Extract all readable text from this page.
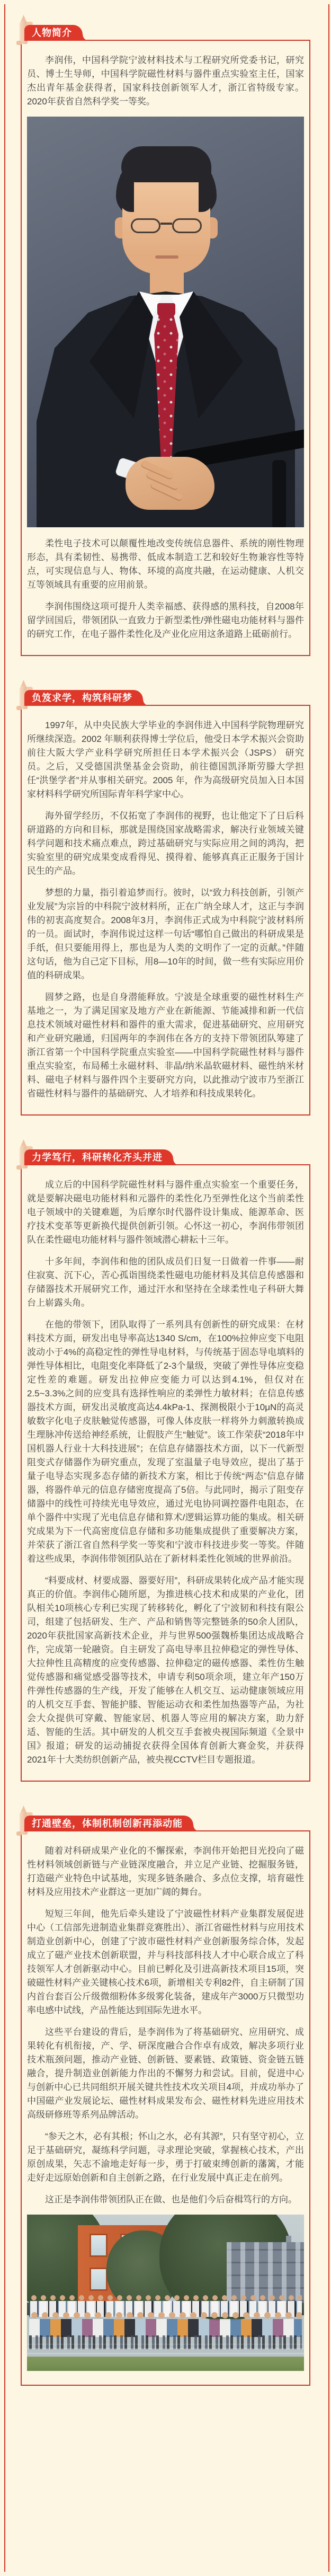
人物简介

李润伟，中国科学院宁波材料技术与工程研究所党委书记，研究员、博士生导师，中国科学院磁性材料与器件重点实验室主任，国家杰出青年基金获得者，国家科技创新领军人才，浙江省特级专家。2020年获省自然科学奖一等奖。

柔性电子技术可以颠覆性地改变传统信息器件、系统的刚性物理形态，具有柔韧性、易携带、低成本制造工艺和较好生物兼容性等特点，可实现信息与人、物体、环境的高度共融，在运动健康、人机交互等领域具有重要的应用前景。

李润伟围绕这项可提升人类幸福感、获得感的黑科技，自2008年留学回国后，带领团队一直致力于新型柔性/弹性磁电功能材料与器件的研究工作，在电子器件柔性化及产业化应用这条道路上砥砺前行。

负笈求学，构筑科研梦

1997年，从中央民族大学毕业的李润伟进入中国科学院物理研究所继续深造。2002 年顺利获得博士学位后，他受日本学术振兴会资助前往大阪大学产业科学研究所担任日本学术振兴会（JSPS） 研究员。之后，又受德国洪堡基金会资助，前往德国凯泽斯劳滕大学担任“洪堡学者”并从事相关研究。2005 年，作为高级研究员加入日本国家材料科学研究所国际青年科学家中心。

海外留学经历，不仅拓宽了李润伟的视野，也让他定下了日后科研道路的方向和目标，那就是围绕国家战略需求，解决行业领域关键科学问题和技术痛点难点，跨过基础研究与实际应用之间的鸿沟，把实验室里的研究成果变成看得见、摸得着、能够真真正正服务于国计民生的产品。

梦想的力量，指引着追梦而行。彼时，以“致力科技创新，引领产业发展”为宗旨的中科院宁波材料所，正在广纳全球人才，这正与李润伟的初衷高度契合。2008年3月，李润伟正式成为中科院宁波材料所的一员。面试时，李润伟说过这样一句话“哪怕自己做出的科研成果是手纸，但只要能用得上，那也是为人类的文明作了一定的贡献。”伴随这句话，他为自己定下目标，用8—10年的时间，做一些有实际应用价值的科研成果。

圆梦之路，也是自身潜能释放。宁波是全球重要的磁性材料生产基地之一，为了满足国家及地方产业在新能源、节能减排和新一代信息技术领域对磁性材料和器件的重大需求，促进基础研究、应用研究和产业研究融通，归国两年的李润伟在各方的支持下带领团队筹建了浙江省第一个中国科学院重点实验室——中国科学院磁性材料与器件重点实验室，布局稀土永磁材料、非晶/纳米晶软磁材料、磁性纳米材料、磁电子材料与器件四个主要研究方向，以此推动宁波市乃至浙江省磁性材料与器件的基础研究、人才培养和科技成果转化。

力学笃行，科研转化齐头并进

成立后的中国科学院磁性材料与器件重点实验室一个重要任务，就是要解决磁电功能材料和元器件的柔性化乃至弹性化这个当前柔性电子领域中的关键难题，为后摩尔时代器件设计集成、能源革命、医疗技术变革等更新换代提供创新引领。心怀这一初心，李润伟带领团队在柔性磁电功能材料与器件领域潜心耕耘十三年。

十多年间，李润伟和他的团队成员们日复一日做着一件事——耐住寂寞、沉下心，苦心孤诣围绕柔性磁电功能材料及其信息传感器和存储器技术开展研究工作，通过汗水和坚持在全球柔性电子科研大舞台上崭露头角。

在他的带领下，团队取得了一系列具有创新性的研究成果：在材料技术方面，研发出电导率高达1340 S/cm，在100%拉伸应变下电阻波动小于4%的高稳定性的弹性导电材料，与传统基于固态导电填料的弹性导体相比，电阻变化率降低了2-3个量级，突破了弹性导体应变稳定性差的难题。研发出拉伸应变能力可以达到4.1%，但仅对在2.5~3.3%之间的应变具有选择性响应的柔弹性力敏材料；在信息传感器技术方面，研发出灵敏度高达4.4kPa-1、探测极限小于10μN的高灵敏数字化电子皮肤触觉传感器，可像人体皮肤一样将外力刺激转换成生理脉冲传送给神经系统，让假肢产生“触觉”。该工作荣获“2018年中国机器人行业十大科技进展”；在信息存储器技术方面，以下一代新型阻变式存储器作为研究重点，发现了室温量子电导效应，提出了基于量子电导态实现多态存储的新技术方案，相比于传统“两态”信息存储器，将器件单元的信息存储密度提高了5倍。与此同时，揭示了阻变存储器中的线性可持续光电导效应，通过光电协同调控器件电阻态，在单个器件中实现了光电信息存储和算术/逻辑运算功能的集成。相关研究成果为下一代高密度信息存储和多功能集成提供了重要解决方案，并荣获了浙江省自然科学奖一等奖和宁波市科技进步奖一等奖。伴随着这些成果，李润伟带领团队站在了新材料柔性化领域的世界前沿。

“料要成材、材要成器、器要好用”，科研成果转化成产品才能实现真正的价值。李润伟心随所愿，为推进核心技术和成果的产业化，团队相关10项核心专利已实现了转移转化，孵化了宁波韧和科技有限公司，组建了包括研发、生产、产品和销售等完整链条的50余人团队，2020年获批国家高新技术企业，并与世界500强魏桥集团达成战略合作，完成第一轮融资。自主研发了高电导率且拉伸稳定的弹性导体、大拉伸性且高精度的应变传感器、拉伸稳定的磁传感器、柔性仿生触觉传感器和痛觉感受器等技术，申请专利50项余项，建立年产150万件弹性传感器的生产线，开发了能够在人机交互、运动健康领域应用的人机交互手套、智能护膝、智能运动衣和柔性加热器等产品，为社会大众提供可穿戴、智能家居、机器人等应用的解决方案，助力舒适、智能的生活。其中研发的人机交互手套被央视国际频道《全景中国》报道；研发的运动捕捉衣获得全国体育创新大赛金奖，并获得2021年十大类纺织创新产品，被央视CCTV栏目专题报道。

打通壁垒，体制机制创新再添动能

随着对科研成果产业化的不懈探索，李润伟开始把目光投向了磁性材料领域创新链与产业链深度融合，并立足产业链、挖掘服务链，打造磁产业特色中试基地，实现多链条融合、多点位支撑，培育磁性材料及应用技术产业群这一更加广阔的舞台。

短短三年间，他先后牵头建设了宁波磁性材料产业集群发展促进中心（工信部先进制造业集群竞赛胜出）、浙江省磁性材料与应用技术制造业创新中心，创建了宁波市磁性材料产业创新服务综合体，发起成立了磁产业技术创新联盟，并与科技部科技人才中心联合成立了科技领军人才创新驱动中心。目前已孵化及引进高新技术项目15项，突破磁性材料产业关键核心技术6项，新增相关专利82件，自主研制了国内首台套百公斤级微细粉体多级雾化装备，建成年产3000万只微型功率电感中试线，产品性能达到国际先进水平。

这些平台建设的背后，是李润伟为了将基础研究、应用研究、成果转化有机衔接，产、学、研深度融合合作卓有成效，解决多项行业技术瓶颈问题，推动产业链、创新链、要素链、政策链、资金链五链融合，提升制造业创新能力作出的不懈努力和尝试。目前，促进中心与创新中心已共同组织开展关键共性技术攻关项目4项，并成功举办了中国磁产业发展论坛、磁性材料成果发布会、磁性材料先进应用技术高级研修班等系列品牌活动。

“参天之木，必有其根；怀山之水，必有其源”，只有坚守初心，立足于基础研究，凝练科学问题，寻求理论突破，掌握核心技术，产出原创成果，矢志不渝地走好每一步，勇于打破束缚创新的藩篱，才能走好走远原始创新和自主创新之路，在行业发展中真正走在前列。

这正是李润伟带领团队正在做、也是他们今后奋楫笃行的方向。
